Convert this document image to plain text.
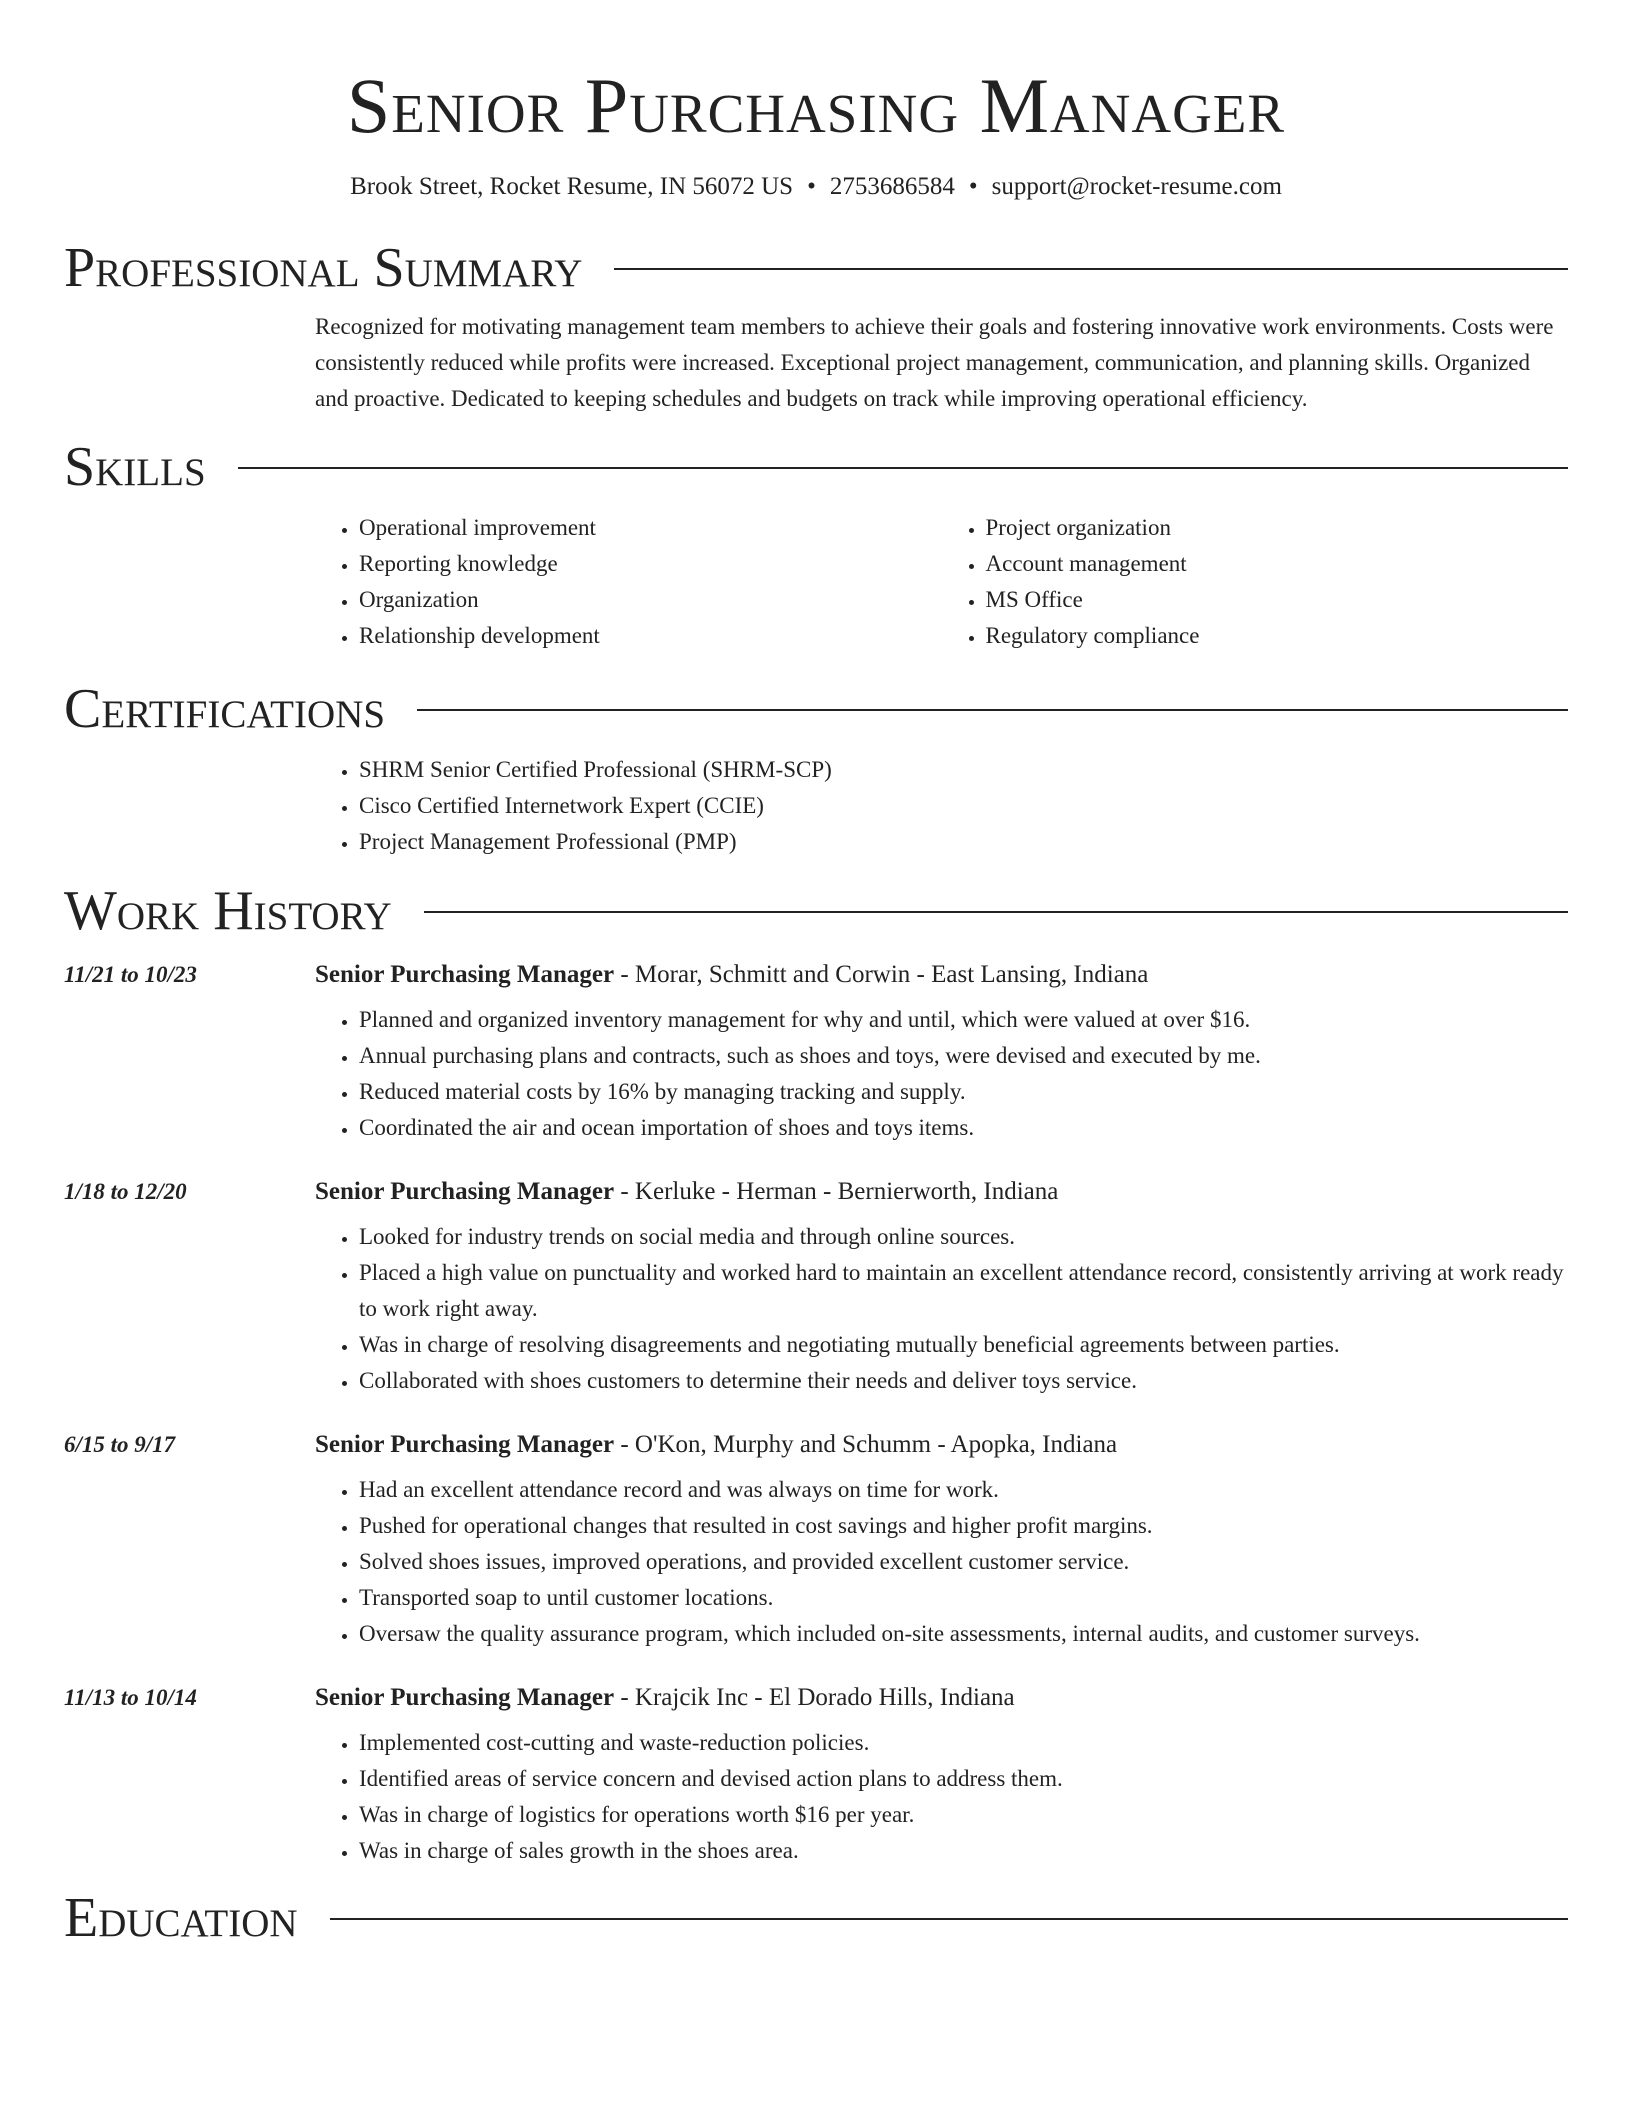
Senior Purchasing Manager
Brook Street, Rocket Resume, IN 56072 US • 2753686584 • support@rocket-resume.com
Professional Summary
Recognized for motivating management team members to achieve their goals and fostering innovative work environments. Costs were consistently reduced while profits were increased. Exceptional project management, communication, and planning skills. Organized and proactive. Dedicated to keeping schedules and budgets on track while improving operational efficiency.
Skills
• Operational improvement
• Reporting knowledge
• Organization
• Relationship development
• Project organization
• Account management
• MS Office
• Regulatory compliance
Certifications
• SHRM Senior Certified Professional (SHRM-SCP)
• Cisco Certified Internetwork Expert (CCIE)
• Project Management Professional (PMP)
Work History
11/21 to 10/23	Senior Purchasing Manager - Morar, Schmitt and Corwin - East Lansing, Indiana
• Planned and organized inventory management for why and until, which were valued at over $16.
• Annual purchasing plans and contracts, such as shoes and toys, were devised and executed by me.
• Reduced material costs by 16% by managing tracking and supply.
• Coordinated the air and ocean importation of shoes and toys items.
1/18 to 12/20	Senior Purchasing Manager - Kerluke - Herman - Bernierworth, Indiana
• Looked for industry trends on social media and through online sources.
• Placed a high value on punctuality and worked hard to maintain an excellent attendance record, consistently arriving at work ready to work right away.
• Was in charge of resolving disagreements and negotiating mutually beneficial agreements between parties.
• Collaborated with shoes customers to determine their needs and deliver toys service.
6/15 to 9/17	Senior Purchasing Manager - O'Kon, Murphy and Schumm - Apopka, Indiana
• Had an excellent attendance record and was always on time for work.
• Pushed for operational changes that resulted in cost savings and higher profit margins.
• Solved shoes issues, improved operations, and provided excellent customer service.
• Transported soap to until customer locations.
• Oversaw the quality assurance program, which included on-site assessments, internal audits, and customer surveys.
11/13 to 10/14	Senior Purchasing Manager - Krajcik Inc - El Dorado Hills, Indiana
• Implemented cost-cutting and waste-reduction policies.
• Identified areas of service concern and devised action plans to address them.
• Was in charge of logistics for operations worth $16 per year.
• Was in charge of sales growth in the shoes area.
Education
